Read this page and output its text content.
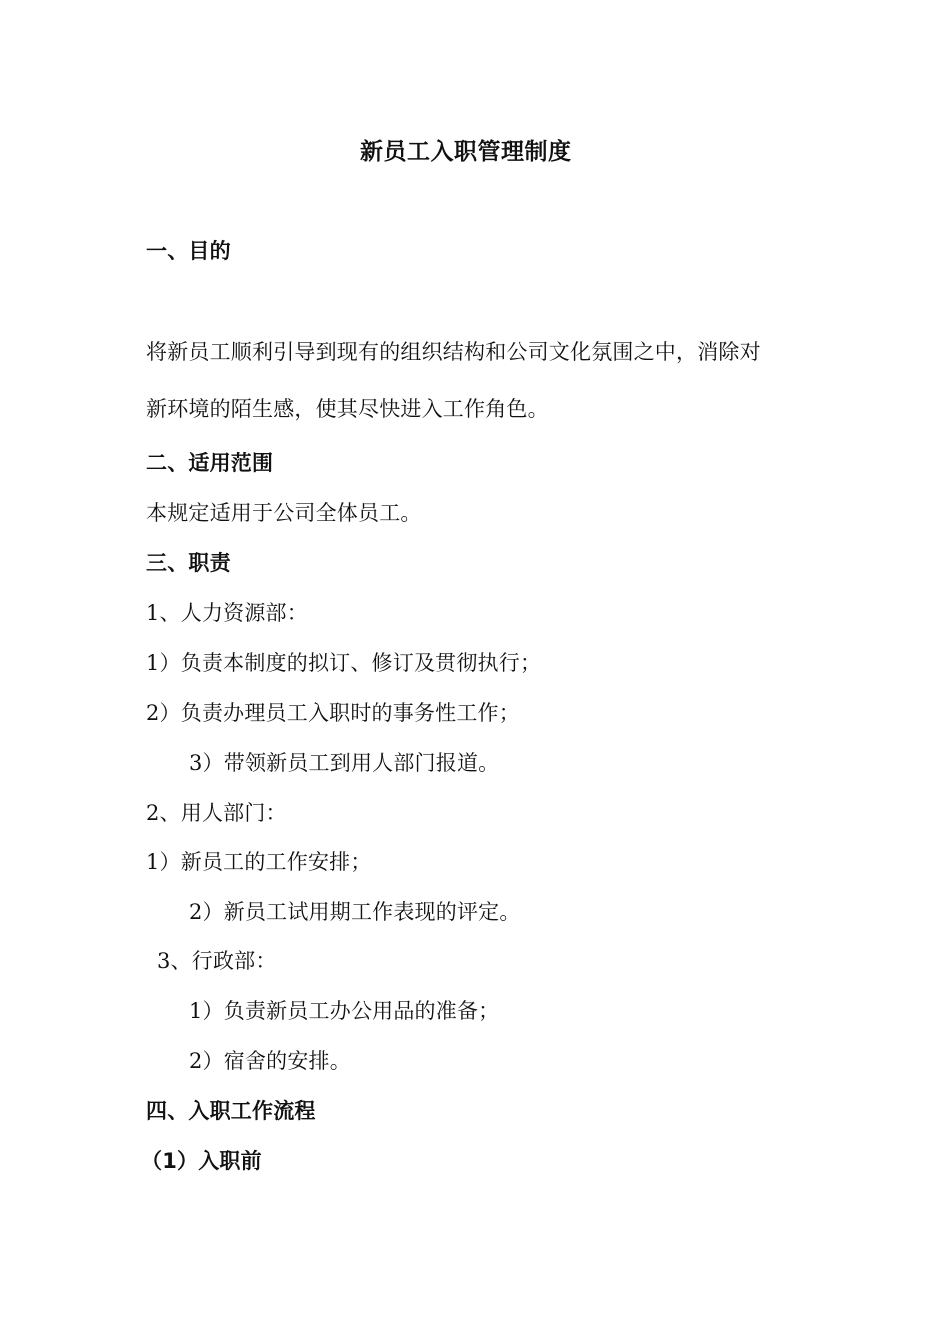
新员工入职管理制度
一、目的
将新员工顺利引导到现有的组织结构和公司文化氛围之中，消除对
新环境的陌生感，使其尽快进入工作角色。
二、适用范围
本规定适用于公司全体员工。
三、职责
1、人力资源部：
1）负责本制度的拟订、修订及贯彻执行；
2）负责办理员工入职时的事务性工作；
3）带领新员工到用人部门报道。
2、用人部门：
1）新员工的工作安排；
2）新员工试用期工作表现的评定。
3、行政部：
1）负责新员工办公用品的准备；
2）宿舍的安排。
四、入职工作流程
（1）入职前
